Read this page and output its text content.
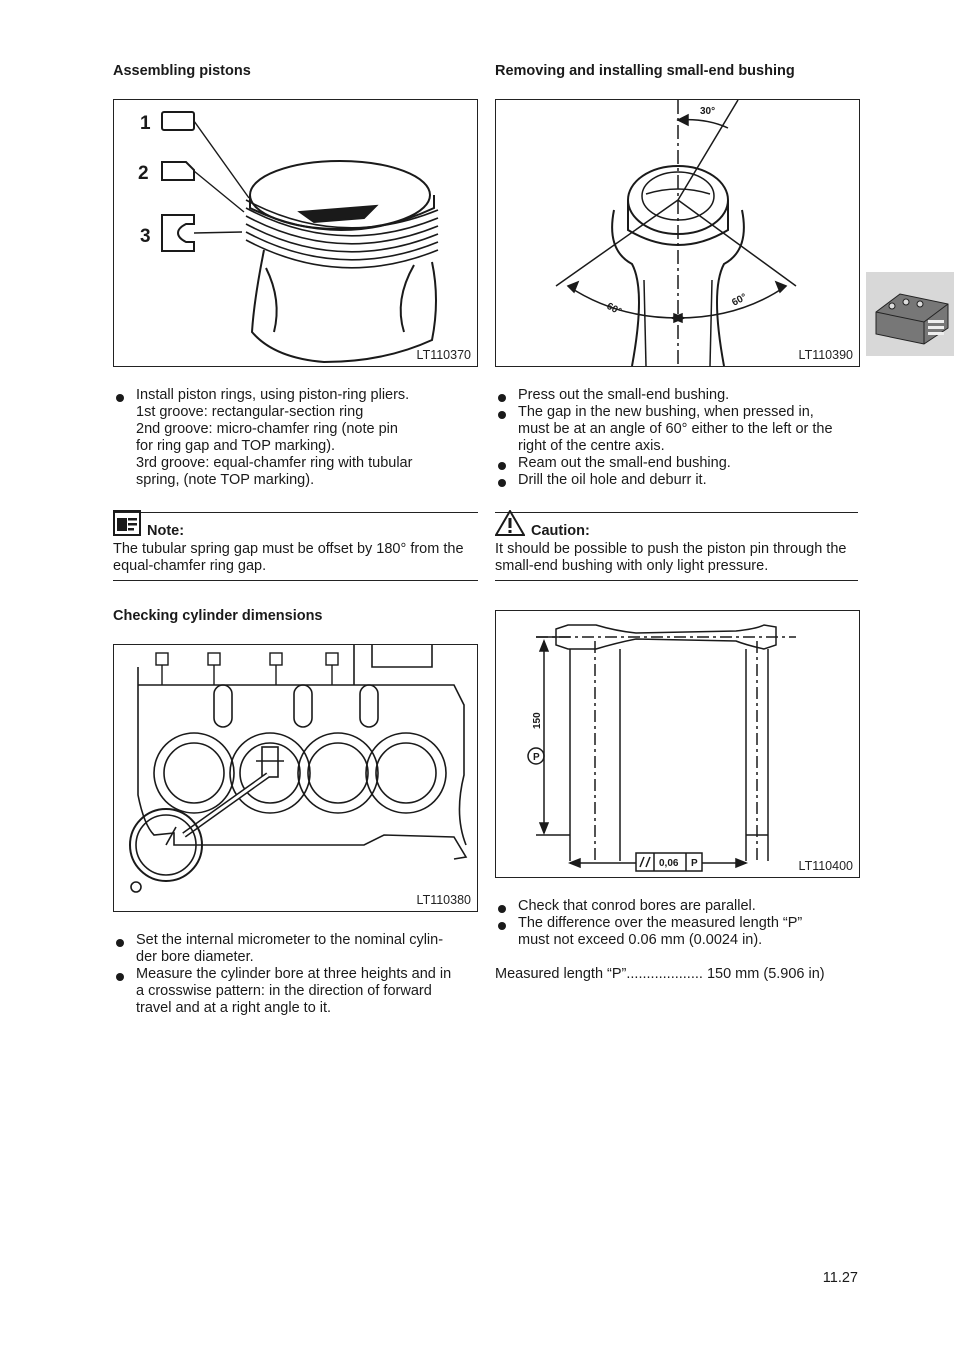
Assembling pistons
1
2
3
LT110370
Install piston rings, using piston-ring pliers.
1st groove: rectangular-section ring
2nd groove: micro-chamfer ring (note pin
for ring gap and TOP marking).
3rd groove: equal-chamfer ring with tubular
spring, (note TOP marking).
Note:

The tubular spring gap must be offset by 180° from the equal-chamfer ring gap.

Checking cylinder dimensions
LT110380
Set the internal micrometer to the nominal cylin-
der bore diameter.
Measure the cylinder bore at three heights and in
a crosswise pattern: in the direction of forward
travel and at a right angle to it.
Removing and installing small-end bushing
30°
60°
60°
LT110390
Press out the small-end bushing.
The gap in the new bushing, when pressed in,
must be at an angle of 60° either to the left or the
right of the centre axis.
Ream out the small-end bushing.
Drill the oil hole and deburr it.
Caution:

It should be possible to push the piston pin through the small-end bushing with only light pressure.

150
P
0,06 P	LT110400
Check that conrod bores are parallel.
The difference over the measured length “P”
must not exceed 0.06 mm (0.0024 in).
Measured length “P”................... 150 mm (5.906 in)
11.27
